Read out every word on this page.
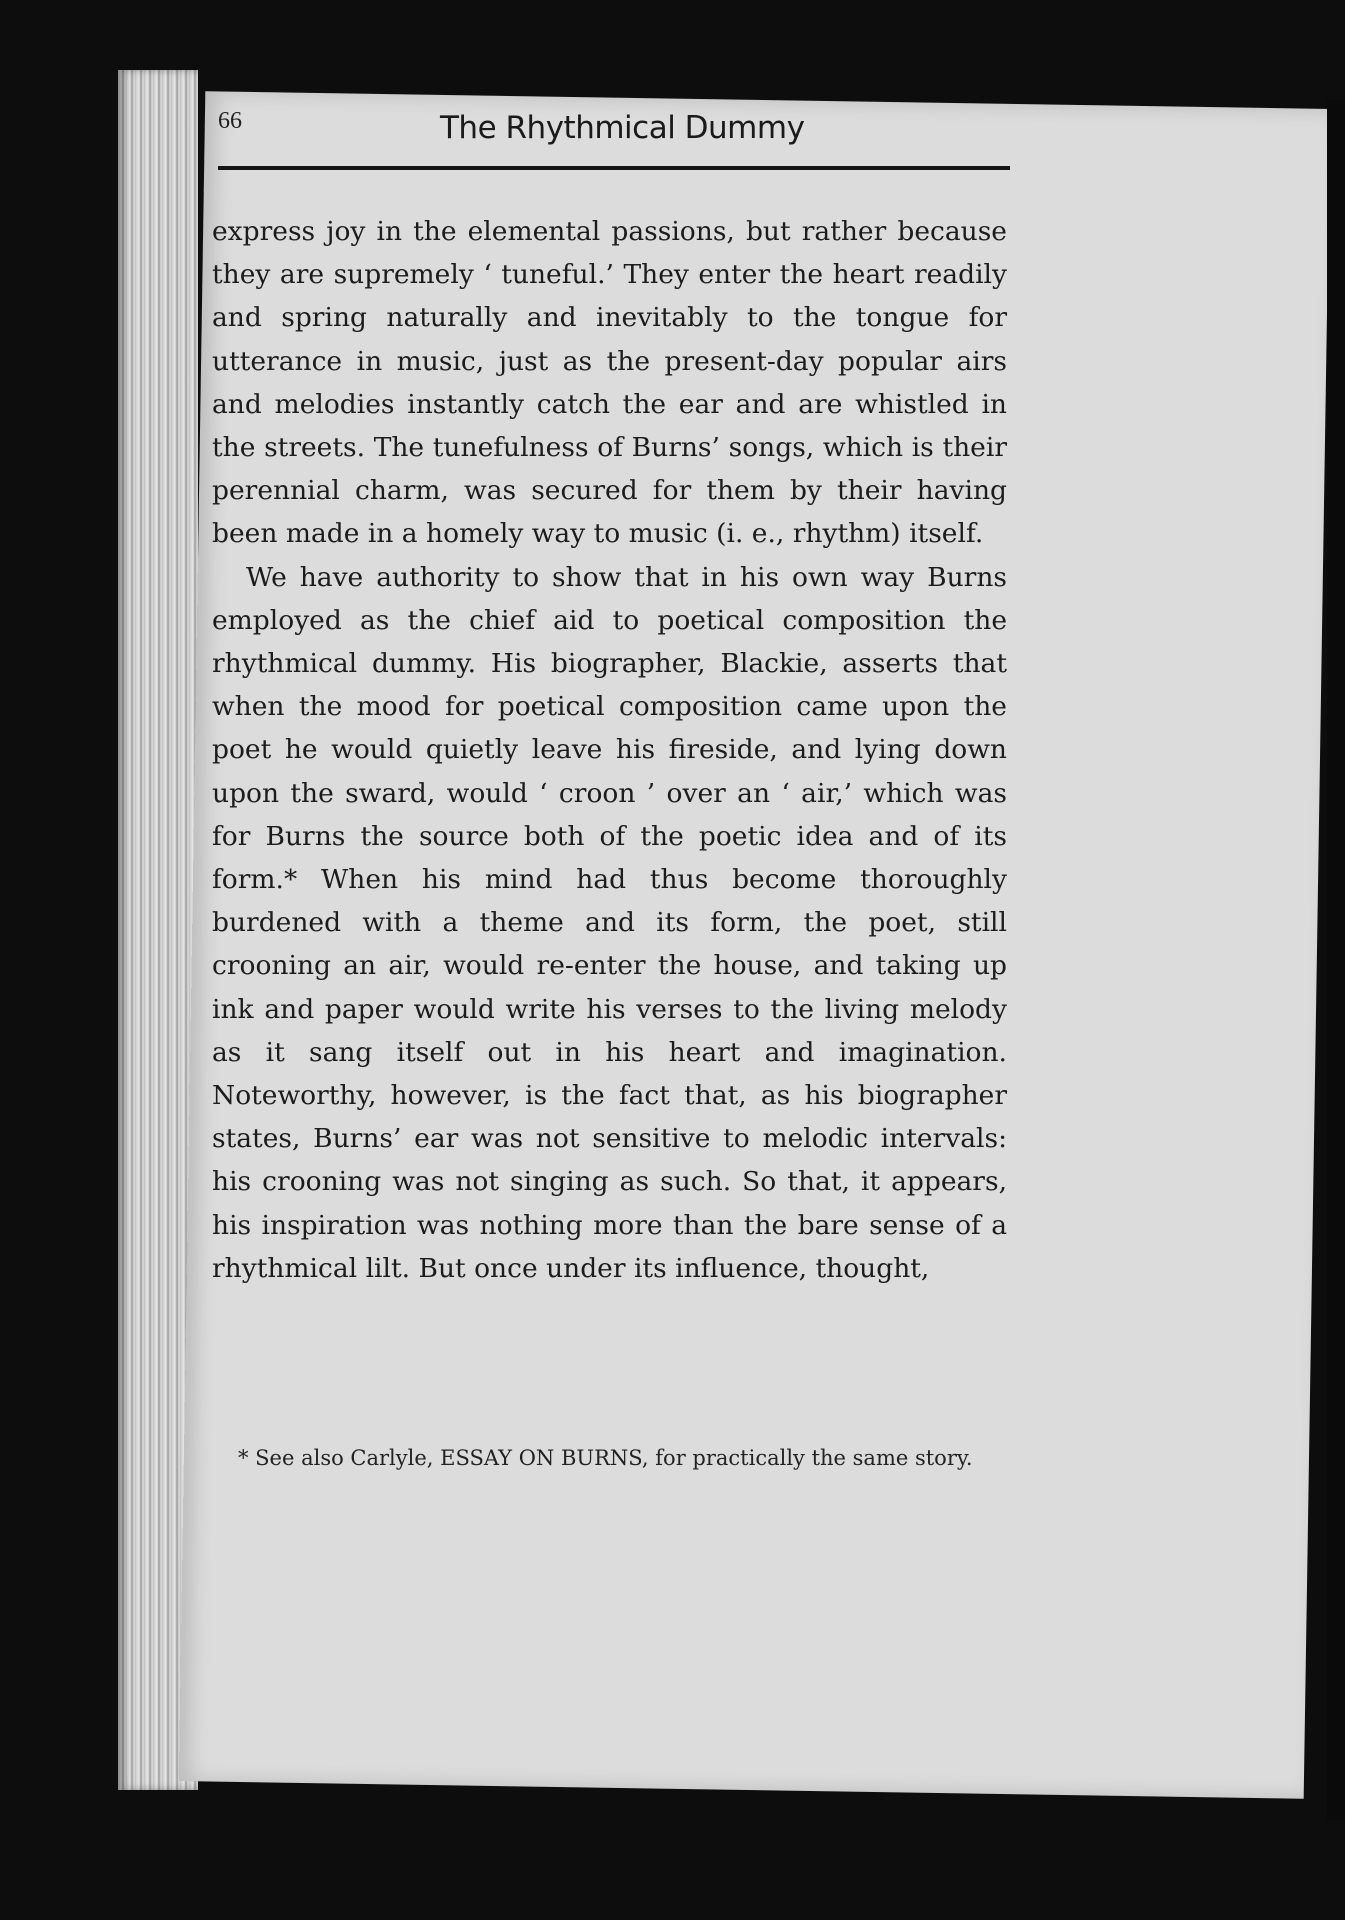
66	The Rhythmical Dummy

express joy in the elemental passions, but rather because they are supremely ‘ tuneful.’ They enter the heart readily and spring naturally and inevitably to the tongue for utterance in music, just as the present-day popular airs and melodies instantly catch the ear and are whistled in the streets. The tunefulness of Burns’ songs, which is their perennial charm, was secured for them by their having been made in a homely way to music (i. e., rhythm) itself.

We have authority to show that in his own way Burns employed as the chief aid to poetical composition the rhythmical dummy. His biographer, Blackie, asserts that when the mood for poetical composition came upon the poet he would quietly leave his fireside, and lying down upon the sward, would ‘ croon ’ over an ‘ air,’ which was for Burns the source both of the poetic idea and of its form.* When his mind had thus become thoroughly burdened with a theme and its form, the poet, still crooning an air, would re-enter the house, and taking up ink and paper would write his verses to the living melody as it sang itself out in his heart and imagination. Noteworthy, however, is the fact that, as his biographer states, Burns’ ear was not sensitive to melodic intervals: his crooning was not singing as such. So that, it appears, his inspiration was nothing more than the bare sense of a rhythmical lilt. But once under its influence, thought,

* See also Carlyle, ESSAY ON BURNS, for practically the same story.
